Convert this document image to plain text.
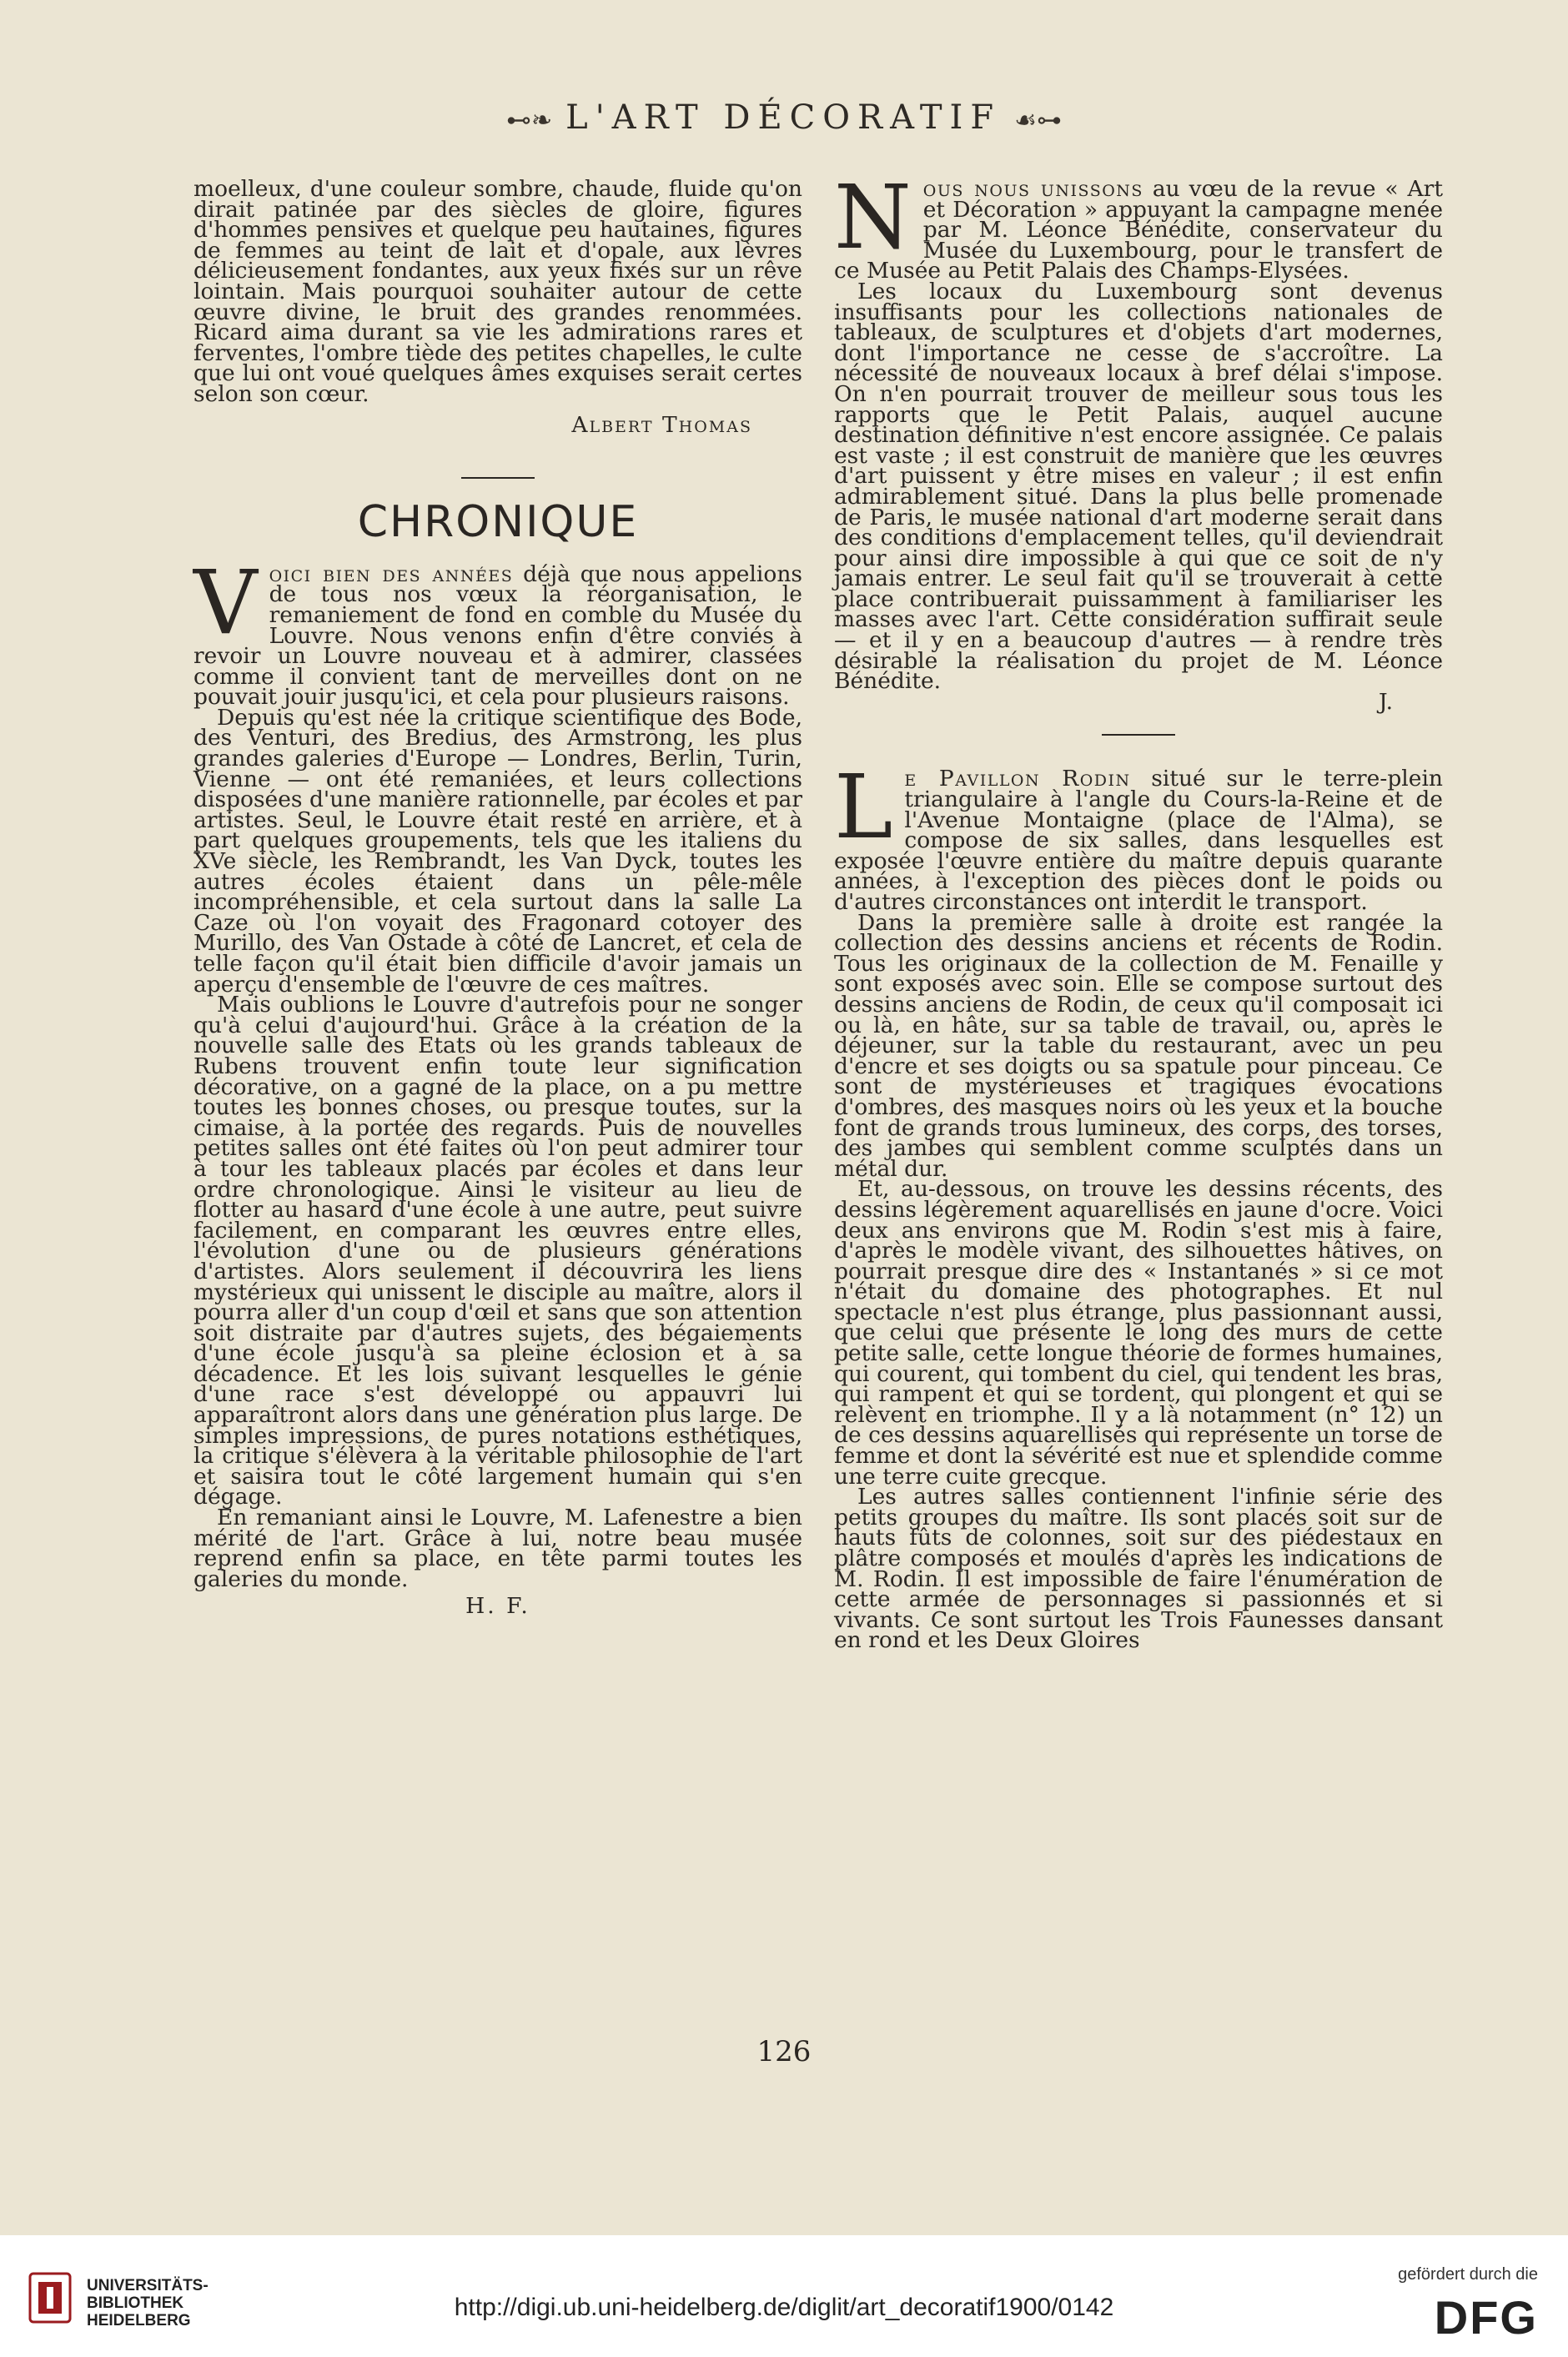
⊷❧ L'ART DÉCORATIF ☙⊶

moelleux, d'une couleur sombre, chaude, fluide qu'on dirait patinée par des siècles de gloire, figures d'hommes pensives et quelque peu hautaines, figures de femmes au teint de lait et d'opale, aux lèvres délicieusement fondantes, aux yeux fixés sur un rêve lointain. Mais pourquoi souhaiter autour de cette œuvre divine, le bruit des grandes renommées. Ricard aima durant sa vie les admirations rares et ferventes, l'ombre tiède des petites chapelles, le culte que lui ont voué quelques âmes exquises serait certes selon son cœur.

Albert Thomas
CHRONIQUE

Voici bien des années déjà que nous appelions de tous nos vœux la réorganisation, le remaniement de fond en comble du Musée du Louvre. Nous venons enfin d'être conviés à revoir un Louvre nouveau et à admirer, classées comme il convient tant de merveilles dont on ne pouvait jouir jusqu'ici, et cela pour plusieurs raisons.

Depuis qu'est née la critique scientifique des Bode, des Venturi, des Bredius, des Armstrong, les plus grandes galeries d'Europe — Londres, Berlin, Turin, Vienne — ont été remaniées, et leurs collections disposées d'une manière rationnelle, par écoles et par artistes. Seul, le Louvre était resté en arrière, et à part quelques groupements, tels que les italiens du XVe siècle, les Rembrandt, les Van Dyck, toutes les autres écoles étaient dans un pêle-mêle incompréhensible, et cela surtout dans la salle La Caze où l'on voyait des Fragonard cotoyer des Murillo, des Van Ostade à côté de Lancret, et cela de telle façon qu'il était bien difficile d'avoir jamais un aperçu d'ensemble de l'œuvre de ces maîtres.

Mais oublions le Louvre d'autrefois pour ne songer qu'à celui d'aujourd'hui. Grâce à la création de la nouvelle salle des Etats où les grands tableaux de Rubens trouvent enfin toute leur signification décorative, on a gagné de la place, on a pu mettre toutes les bonnes choses, ou presque toutes, sur la cimaise, à la portée des regards. Puis de nouvelles petites salles ont été faites où l'on peut admirer tour à tour les tableaux placés par écoles et dans leur ordre chronologique. Ainsi le visiteur au lieu de flotter au hasard d'une école à une autre, peut suivre facilement, en comparant les œuvres entre elles, l'évolution d'une ou de plusieurs générations d'artistes. Alors seulement il découvrira les liens mystérieux qui unissent le disciple au maître, alors il pourra aller d'un coup d'œil et sans que son attention soit distraite par d'autres sujets, des bégaiements d'une école jusqu'à sa pleine éclosion et à sa décadence. Et les lois suivant lesquelles le génie d'une race s'est développé ou appauvri lui apparaîtront alors dans une génération plus large. De simples impressions, de pures notations esthétiques, la critique s'élèvera à la véritable philosophie de l'art et saisira tout le côté largement humain qui s'en dégage.

En remaniant ainsi le Louvre, M. Lafenestre a bien mérité de l'art. Grâce à lui, notre beau musée reprend enfin sa place, en tête parmi toutes les galeries du monde.

H. F.

Nous nous unissons au vœu de la revue « Art et Décoration » appuyant la campagne menée par M. Léonce Bénédite, conservateur du Musée du Luxembourg, pour le transfert de ce Musée au Petit Palais des Champs-Elysées.

Les locaux du Luxembourg sont devenus insuffisants pour les collections nationales de tableaux, de sculptures et d'objets d'art modernes, dont l'importance ne cesse de s'accroître. La nécessité de nouveaux locaux à bref délai s'impose. On n'en pourrait trouver de meilleur sous tous les rapports que le Petit Palais, auquel aucune destination définitive n'est encore assignée. Ce palais est vaste ; il est construit de manière que les œuvres d'art puissent y être mises en valeur ; il est enfin admirablement situé. Dans la plus belle promenade de Paris, le musée national d'art moderne serait dans des conditions d'emplacement telles, qu'il deviendrait pour ainsi dire impossible à qui que ce soit de n'y jamais entrer. Le seul fait qu'il se trouverait à cette place contribuerait puissamment à familiariser les masses avec l'art. Cette considération suffirait seule — et il y en a beaucoup d'autres — à rendre très désirable la réalisation du projet de M. Léonce Bénédite.

J.

Le Pavillon Rodin situé sur le terre-plein triangulaire à l'angle du Cours-la-Reine et de l'Avenue Montaigne (place de l'Alma), se compose de six salles, dans lesquelles est exposée l'œuvre entière du maître depuis quarante années, à l'exception des pièces dont le poids ou d'autres circonstances ont interdit le transport.

Dans la première salle à droite est rangée la collection des dessins anciens et récents de Rodin. Tous les originaux de la collection de M. Fenaille y sont exposés avec soin. Elle se compose surtout des dessins anciens de Rodin, de ceux qu'il composait ici ou là, en hâte, sur sa table de travail, ou, après le déjeuner, sur la table du restaurant, avec un peu d'encre et ses doigts ou sa spatule pour pinceau. Ce sont de mystérieuses et tragiques évocations d'ombres, des masques noirs où les yeux et la bouche font de grands trous lumineux, des corps, des torses, des jambes qui semblent comme sculptés dans un métal dur.

Et, au-dessous, on trouve les dessins récents, des dessins légèrement aquarellisés en jaune d'ocre. Voici deux ans environs que M. Rodin s'est mis à faire, d'après le modèle vivant, des silhouettes hâtives, on pourrait presque dire des « Instantanés » si ce mot n'était du domaine des photographes. Et nul spectacle n'est plus étrange, plus passionnant aussi, que celui que présente le long des murs de cette petite salle, cette longue théorie de formes humaines, qui courent, qui tombent du ciel, qui tendent les bras, qui rampent et qui se tordent, qui plongent et qui se relèvent en triomphe. Il y a là notamment (n° 12) un de ces dessins aquarellisés qui représente un torse de femme et dont la sévérité est nue et splendide comme une terre cuite grecque.

Les autres salles contiennent l'infinie série des petits groupes du maître. Ils sont placés soit sur de hauts fûts de colonnes, soit sur des piédestaux en plâtre composés et moulés d'après les indications de M. Rodin. Il est impossible de faire l'énumération de cette armée de personnages si passionnés et si vivants. Ce sont surtout les Trois Faunesses dansant en rond et les Deux Gloires

126
UNIVERSITÄTS-
BIBLIOTHEK
HEIDELBERG	http://digi.ub.uni-heidelberg.de/diglit/art_decoratif1900/0142
gefördert durch die
DFG
